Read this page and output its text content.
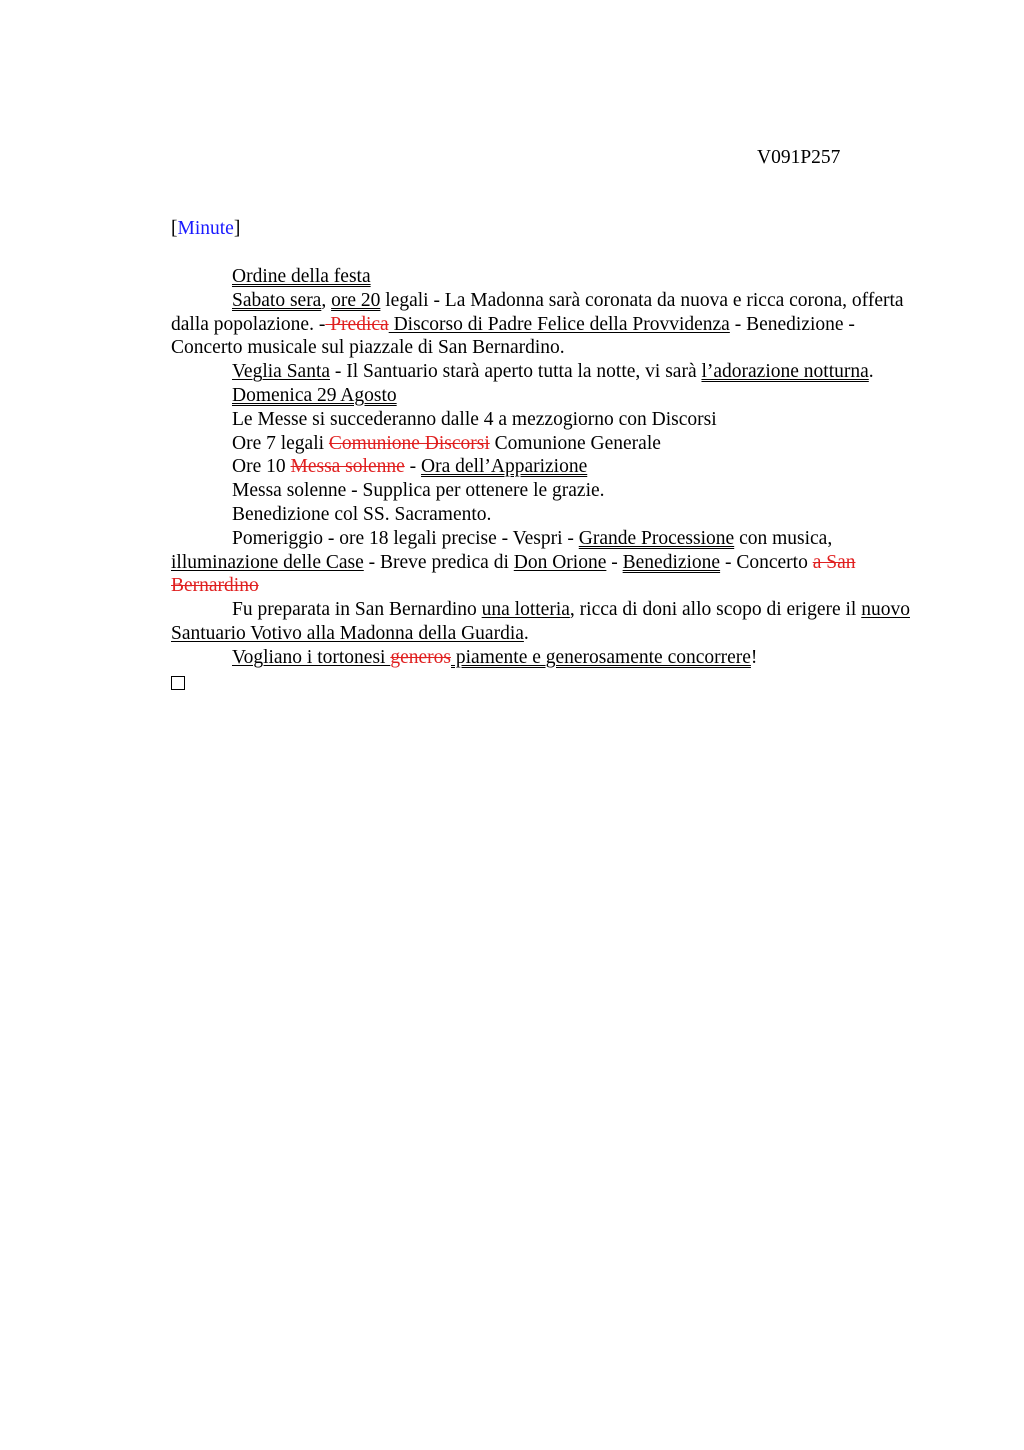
V091P257
[Minute]

Ordine della festa

Sabato sera, ore 20 legali - La Madonna sarà coronata da nuova e ricca corona, offerta dalla popolazione. - Predica Discorso di Padre Felice della Provvidenza - Benedizione - Concerto musicale sul piazzale di San Bernardino.

Veglia Santa - Il Santuario starà aperto tutta la notte, vi sarà l’adorazione notturna.

Domenica 29 Agosto

Le Messe si succederanno dalle 4 a mezzogiorno con Discorsi

Ore 7 legali Comunione Discorsi Comunione Generale

Ore 10 Messa solenne - Ora dell’Apparizione

Messa solenne - Supplica per ottenere le grazie.

Benedizione col SS. Sacramento.

Pomeriggio - ore 18 legali precise - Vespri - Grande Processione con musica, illuminazione delle Case - Breve predica di Don Orione - Benedizione - Concerto a San Bernardino

Fu preparata in San Bernardino una lotteria, ricca di doni allo scopo di erigere il nuovo Santuario Votivo alla Madonna della Guardia.

Vogliano i tortonesi generos piamente e generosamente concorrere!
